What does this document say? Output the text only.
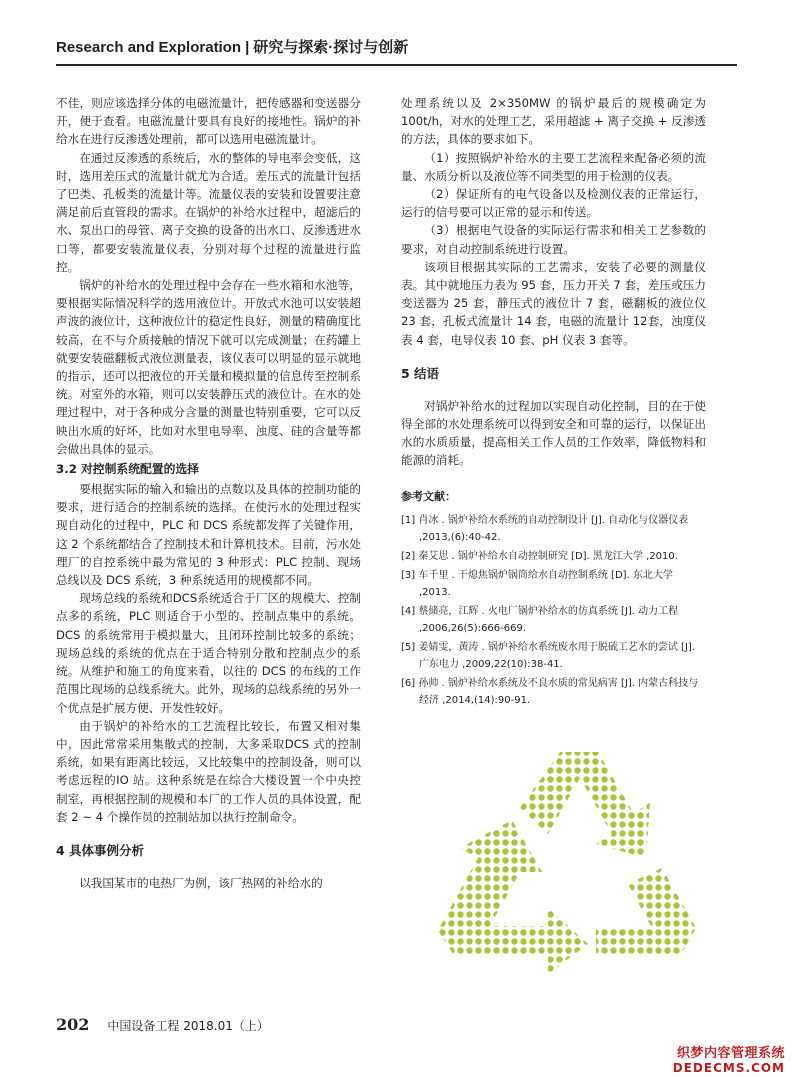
Research and Exploration | 研究与探索·探讨与创新

不佳，则应该选择分体的电磁流量计，把传感器和变送器分开，便于查看。电磁流量计要具有良好的接地性。锅炉的补给水在进行反渗透处理前，都可以选用电磁流量计。

在通过反渗透的系统后，水的整体的导电率会变低，这时，选用差压式的流量计就尤为合适。差压式的流量计包括了巴类、孔板类的流量计等。流量仪表的安装和设置要注意满足前后直管段的需求。在锅炉的补给水过程中，超滤后的水、泵出口的母管、离子交换的设备的出水口、反渗透进水口等，都要安装流量仪表，分别对每个过程的流量进行监控。

锅炉的补给水的处理过程中会存在一些水箱和水池等，要根据实际情况科学的选用液位计。开放式水池可以安装超声波的液位计，这种液位计的稳定性良好，测量的精确度比较高，在不与介质接触的情况下就可以完成测量；在药罐上就要安装磁翻板式液位测量表，该仪表可以明显的显示就地的指示，还可以把液位的开关量和模拟量的信息传至控制系统。对室外的水箱，则可以安装静压式的液位计。在水的处理过程中，对于各种成分含量的测量也特别重要，它可以反映出水质的好坏，比如对水里电导率、浊度、硅的含量等都会做出具体的显示。

3.2 对控制系统配置的选择

要根据实际的输入和输出的点数以及具体的控制功能的要求，进行适合的控制系统的选择。在使污水的处理过程实现自动化的过程中，PLC 和 DCS 系统都发挥了关键作用，这 2 个系统都结合了控制技术和计算机技术。目前，污水处理厂的自控系统中最为常见的 3 种形式：PLC 控制、现场总线以及 DCS 系统，3 种系统适用的规模都不同。

现场总线的系统和DCS系统适合于厂区的规模大、控制点多的系统，PLC 则适合于小型的、控制点集中的系统。DCS 的系统常用于模拟量大，且闭环控制比较多的系统；现场总线的系统的优点在于适合特别分散和控制点少的系统。从维护和施工的角度来看，以往的 DCS 的布线的工作范围比现场的总线系统大。此外，现场的总线系统的另外一个优点是扩展方便、开发性较好。

由于锅炉的补给水的工艺流程比较长，布置又相对集中，因此常常采用集散式的控制，大多采取DCS 式的控制系统，如果有距离比较远，又比较集中的控制设备，则可以考虑远程的IO 站。这种系统是在综合大楼设置一个中央控制室，再根据控制的规模和本厂的工作人员的具体设置，配套 2 ~ 4 个操作员的控制站加以执行控制命令。

4 具体事例分析

以我国某市的电热厂为例，该厂热网的补给水的

处理系统以及 2×350MW 的锅炉最后的规模确定为 100t/h，对水的处理工艺，采用超滤 + 离子交换 + 反渗透的方法，具体的要求如下。

（1）按照锅炉补给水的主要工艺流程来配备必须的流量、水质分析以及液位等不同类型的用于检测的仪表。

（2）保证所有的电气设备以及检测仪表的正常运行，运行的信号要可以正常的显示和传送。

（3）根据电气设备的实际运行需求和相关工艺参数的要求，对自动控制系统进行设置。

该项目根据其实际的工艺需求，安装了必要的测量仪表。其中就地压力表为 95 套，压力开关 7 套，差压或压力变送器为 25 套，静压式的液位计 7 套，磁翻板的液位仪 23 套，孔板式流量计 14 套，电磁的流量计 12套，浊度仪表 4 套，电导仪表 10 套、pH 仪表 3 套等。

5 结语

对锅炉补给水的过程加以实现自动化控制，目的在于使得全部的水处理系统可以得到安全和可靠的运行，以保证出水的水质质量，提高相关工作人员的工作效率，降低物料和能源的消耗。

参考文献：
[1] 肖冰 . 锅炉补给水系统的自动控制设计 [J]. 自动化与仪器仪表 ,2013,(6):40-42.
[2] 秦艾思 . 锅炉补给水自动控制研究 [D]. 黑龙江大学 ,2010.
[3] 车千里 . 干熄焦锅炉锅筒给水自动控制系统 [D]. 东北大学 ,2013.
[4] 蔡储亮，江辉 . 火电厂锅炉补给水的仿真系统 [J]. 动力工程 ,2006,26(5):666-669.
[5] 姜婧雯，黄涛 . 锅炉补给水系统废水用于脱硫工艺水的尝试 [J]. 广东电力 ,2009,22(10):38-41.
[6] 孙帅 . 锅炉补给水系统及不良水质的常见病害 [J]. 内蒙古科技与经济 ,2014,(14):90-91.
202 中国设备工程 2018.01（上）
织梦内容管理系统
DEDECMS.COM
